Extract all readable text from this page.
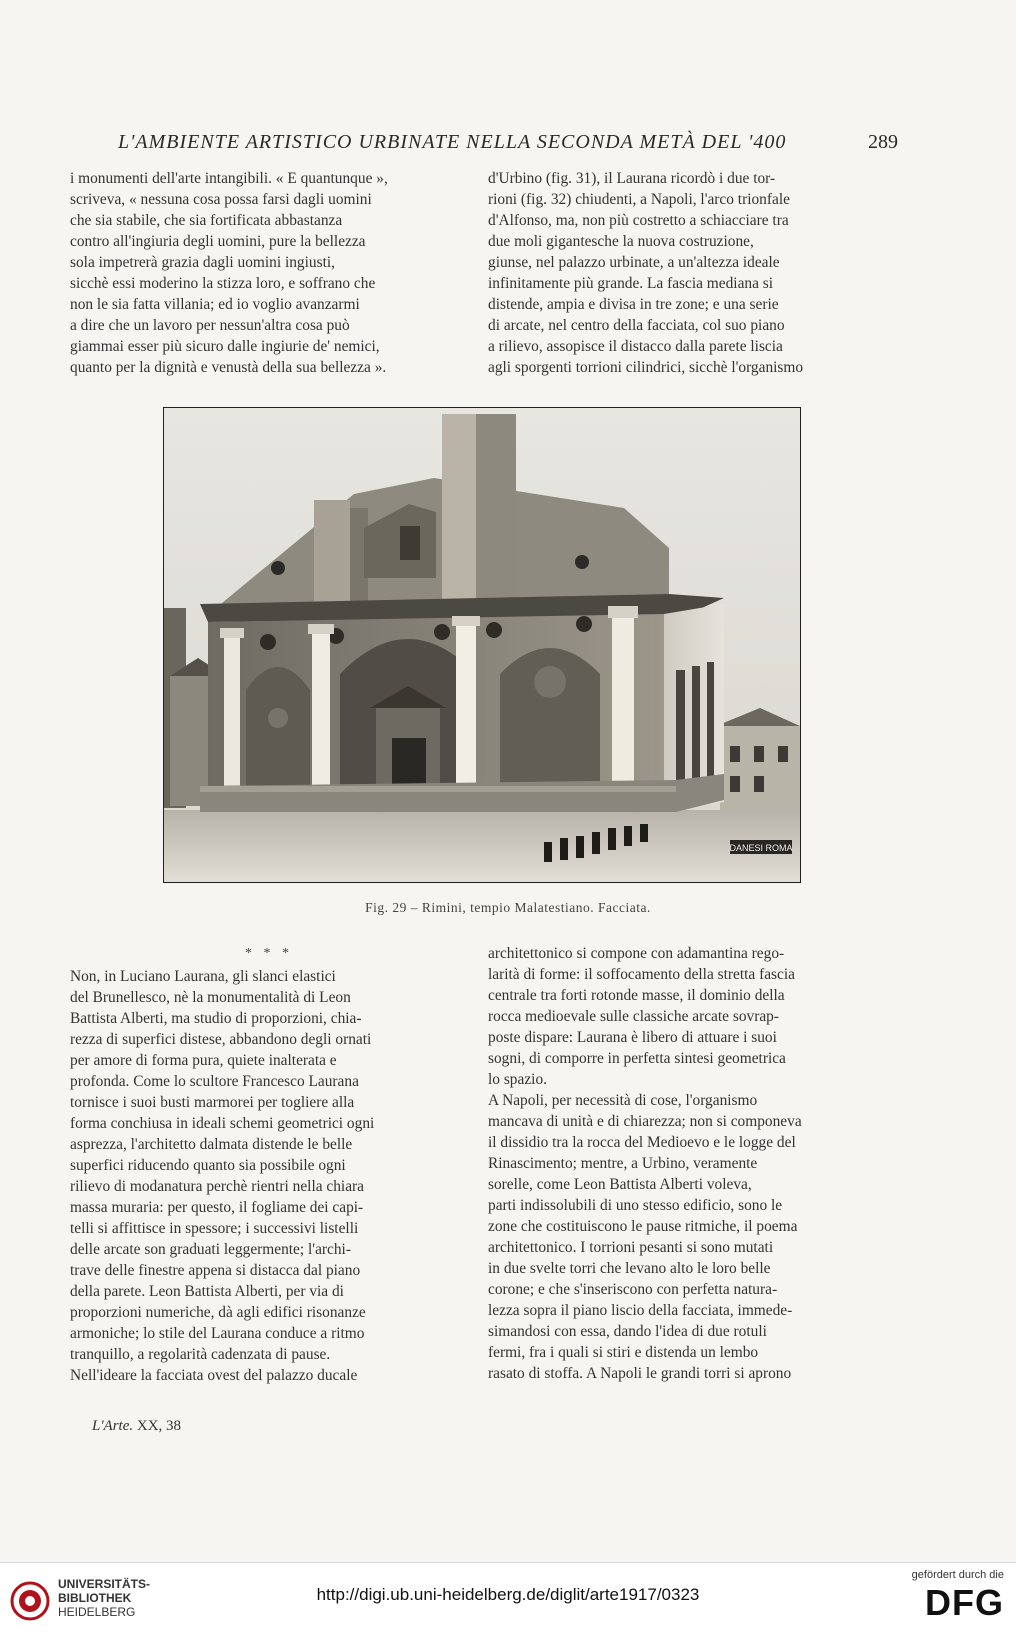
L'AMBIENTE ARTISTICO URBINATE NELLA SECONDA METÀ DEL '400	289
i monumenti dell'arte intangibili. « E quantunque »,
scriveva, « nessuna cosa possa farsi dagli uomini
che sia stabile, che sia fortificata abbastanza
contro all'ingiuria degli uomini, pure la bellezza
sola impetrerà grazia dagli uomini ingiusti,
sicchè essi moderino la stizza loro, e soffrano che
non le sia fatta villania; ed io voglio avanzarmi
a dire che un lavoro per nessun'altra cosa può
giammai esser più sicuro dalle ingiurie de' nemici,
quanto per la dignità e venustà della sua bellezza ».
d'Urbino (fig. 31), il Laurana ricordò i due tor-
rioni (fig. 32) chiudenti, a Napoli, l'arco trionfale
d'Alfonso, ma, non più costretto a schiacciare tra
due moli gigantesche la nuova costruzione,
giunse, nel palazzo urbinate, a un'altezza ideale
infinitamente più grande. La fascia mediana si
distende, ampia e divisa in tre zone; e una serie
di arcate, nel centro della facciata, col suo piano
a rilievo, assopisce il distacco dalla parete liscia
agli sporgenti torrioni cilindrici, sicchè l'organismo
DANESI ROMA
Fig. 29 – Rimini, tempio Malatestiano. Facciata.
* * *
Non, in Luciano Laurana, gli slanci elastici
del Brunellesco, nè la monumentalità di Leon
Battista Alberti, ma studio di proporzioni, chia-
rezza di superfici distese, abbandono degli ornati
per amore di forma pura, quiete inalterata e
profonda. Come lo scultore Francesco Laurana
tornisce i suoi busti marmorei per togliere alla
forma conchiusa in ideali schemi geometrici ogni
asprezza, l'architetto dalmata distende le belle
superfici riducendo quanto sia possibile ogni
rilievo di modanatura perchè rientri nella chiara
massa muraria: per questo, il fogliame dei capi-
telli si affittisce in spessore; i successivi listelli
delle arcate son graduati leggermente; l'archi-
trave delle finestre appena si distacca dal piano
della parete. Leon Battista Alberti, per via di
proporzioni numeriche, dà agli edifici risonanze
armoniche; lo stile del Laurana conduce a ritmo
tranquillo, a regolarità cadenzata di pause.
Nell'ideare la facciata ovest del palazzo ducale
architettonico si compone con adamantina rego-
larità di forme: il soffocamento della stretta fascia
centrale tra forti rotonde masse, il dominio della
rocca medioevale sulle classiche arcate sovrap-
poste dispare: Laurana è libero di attuare i suoi
sogni, di comporre in perfetta sintesi geometrica
lo spazio.
A Napoli, per necessità di cose, l'organismo
mancava di unità e di chiarezza; non si componeva
il dissidio tra la rocca del Medioevo e le logge del
Rinascimento; mentre, a Urbino, veramente
sorelle, come Leon Battista Alberti voleva,
parti indissolubili di uno stesso edificio, sono le
zone che costituiscono le pause ritmiche, il poema
architettonico. I torrioni pesanti si sono mutati
in due svelte torri che levano alto le loro belle
corone; e che s'inseriscono con perfetta natura-
lezza sopra il piano liscio della facciata, immede-
simandosi con essa, dando l'idea di due rotuli
fermi, fra i quali si stiri e distenda un lembo
rasato di stoffa. A Napoli le grandi torri si aprono
L'Arte. XX, 38
UNIVERSITÄTS-
BIBLIOTHEK
HEIDELBERG
http://digi.ub.uni-heidelberg.de/diglit/arte1917/0323
gefördert durch die
DFG
